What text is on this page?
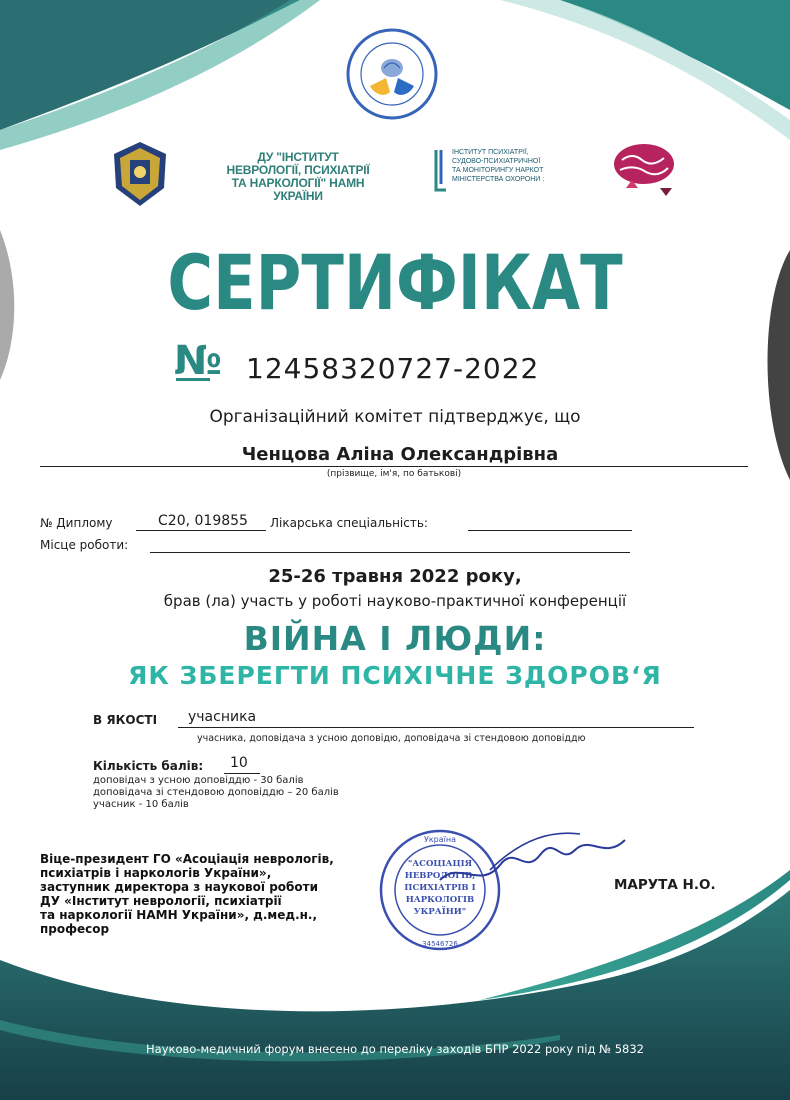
ДУ "ІНСТИТУТ НЕВРОЛОГІЇ, ПСИХІАТРІЇ ТА НАРКОЛОГІЇ" НАМН УКРАЇНИ
ІНСТИТУТ ПСИХІАТРІЇ,
СУДОВО-ПСИХІАТРИЧНОЇ
ТА МОНІТОРИНГУ НАРКОТ
МІНІСТЕРСТВА ОХОРОНИ :
СЕРТИФІКАТ
№ 12458320727-2022
Організаційний комітет підтверджує, що
Ченцова Аліна Олександрівна
(прізвище, ім'я, по батькові)
№ Диплому	С20, 019855	Лікарська спеціальність:
Місце роботи:
25-26 травня 2022 року,
брав (ла) участь у роботі науково-практичної конференції
ВІЙНА І ЛЮДИ:
ЯК ЗБЕРЕГТИ ПСИХІЧНЕ ЗДОРОВ‘Я
В ЯКОСТІ учасника
учасника, доповідача з усною доповідю, доповідача зі стендовою доповіддю
Кількість балів: 10
доповідач з усною доповіддю - 30 балів
доповідача зі стендовою доповіддю – 20 балів
учасник - 10 балів
Віце-президент ГО «Асоціація неврологів,
психіатрів і наркологів України»,
заступник директора з наукової роботи
ДУ «Інститут неврології, психіатрії
та наркології НАМН України», д.мед.н.,
професор
Україна
34546726
"АСОЦІАЦІЯ
НЕВРОЛОГІВ,
ПСИХІАТРІВ І
НАРКОЛОГІВ
УКРАЇНИ"
МАРУТА Н.О.
Науково-медичний форум внесено до переліку заходів БПР 2022 року під № 5832
